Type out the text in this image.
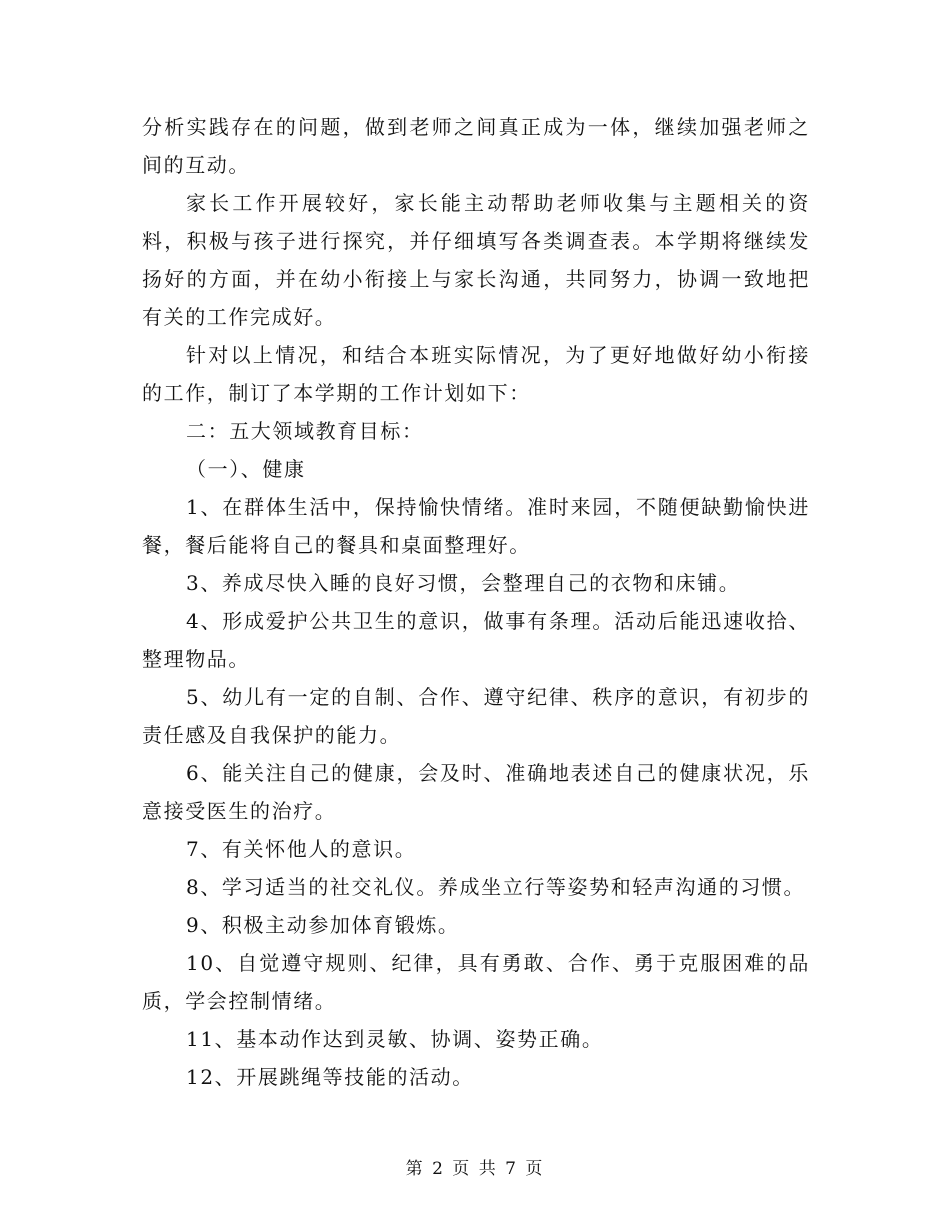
分析实践存在的问题，做到老师之间真正成为一体，继续加强老师之间的互动。

家长工作开展较好，家长能主动帮助老师收集与主题相关的资料，积极与孩子进行探究，并仔细填写各类调查表。本学期将继续发扬好的方面，并在幼小衔接上与家长沟通，共同努力，协调一致地把有关的工作完成好。

针对以上情况，和结合本班实际情况，为了更好地做好幼小衔接的工作，制订了本学期的工作计划如下：

二：五大领域教育目标：

（一）、健康

1、在群体生活中，保持愉快情绪。准时来园，不随便缺勤愉快进餐，餐后能将自己的餐具和桌面整理好。

3、养成尽快入睡的良好习惯，会整理自己的衣物和床铺。

4、形成爱护公共卫生的意识，做事有条理。活动后能迅速收拾、整理物品。

5、幼儿有一定的自制、合作、遵守纪律、秩序的意识，有初步的责任感及自我保护的能力。

6、能关注自己的健康，会及时、准确地表述自己的健康状况，乐意接受医生的治疗。

7、有关怀他人的意识。

8、学习适当的社交礼仪。养成坐立行等姿势和轻声沟通的习惯。

9、积极主动参加体育锻炼。

10、自觉遵守规则、纪律，具有勇敢、合作、勇于克服困难的品质，学会控制情绪。

11、基本动作达到灵敏、协调、姿势正确。

12、开展跳绳等技能的活动。

第 2 页 共 7 页
